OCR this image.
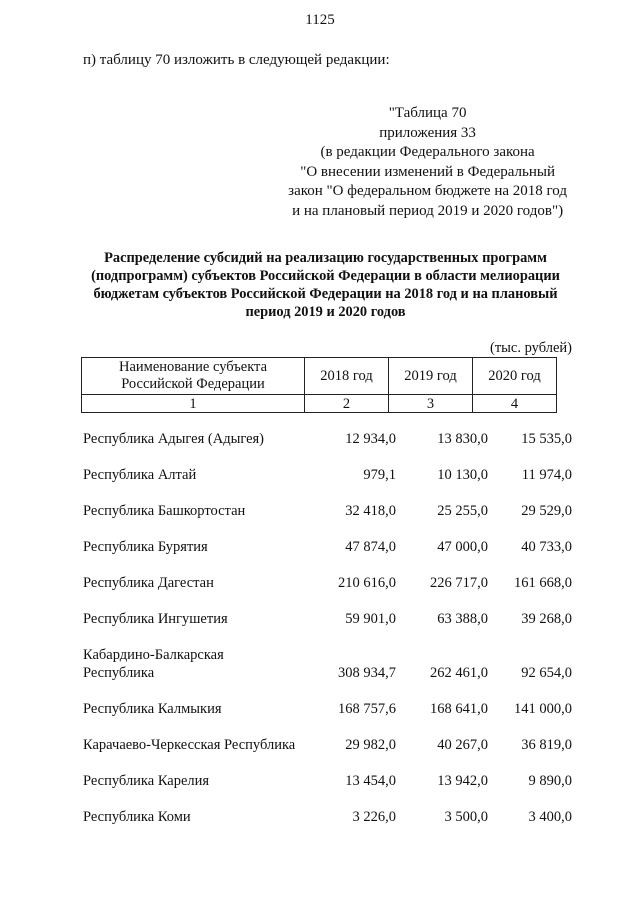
1125
п) таблицу 70 изложить в следующей редакции:
"Таблица 70
приложения 33
(в редакции Федерального закона
"О внесении изменений в Федеральный
закон "О федеральном бюджете на 2018 год
и на плановый период 2019 и 2020 годов")
Распределение субсидий на реализацию государственных программ
(подпрограмм) субъектов Российской Федерации в области мелиорации
бюджетам субъектов Российской Федерации на 2018 год и на плановый
период 2019 и 2020 годов
(тыс. рублей)
Наименование субъекта
Российской Федерации	2018 год	2019 год	2020 год
1	2	3	4
Республика Адыгея (Адыгея)	12 934,0	13 830,0	15 535,0
Республика Алтай	979,1	10 130,0	11 974,0
Республика Башкортостан	32 418,0	25 255,0	29 529,0
Республика Бурятия	47 874,0	47 000,0	40 733,0
Республика Дагестан	210 616,0	226 717,0	161 668,0
Республика Ингушетия	59 901,0	63 388,0	39 268,0
Кабардино-Балкарская
Республика	308 934,7	262 461,0	92 654,0
Республика Калмыкия	168 757,6	168 641,0	141 000,0
Карачаево-Черкесская Республика	29 982,0	40 267,0	36 819,0
Республика Карелия	13 454,0	13 942,0	9 890,0
Республика Коми	3 226,0	3 500,0	3 400,0
